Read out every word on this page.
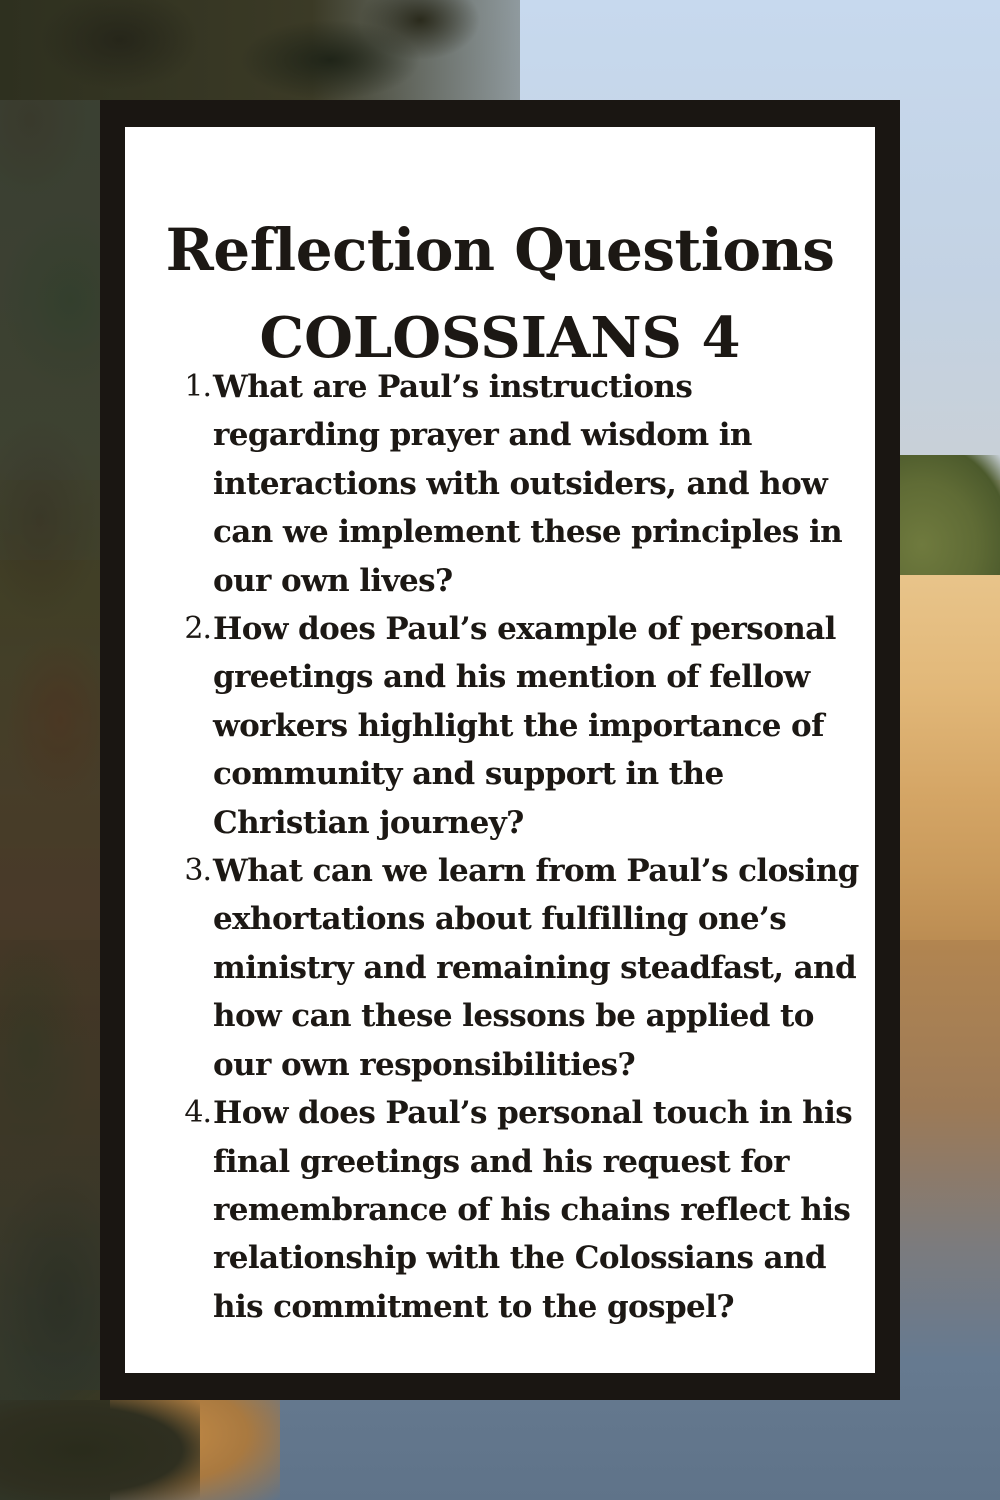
Reflection Questions
COLOSSIANS 4
1. What are Paul’s instructions regarding prayer and wisdom in interactions with outsiders, and how can we implement these principles in our own lives?
2. How does Paul’s example of personal greetings and his mention of fellow workers highlight the importance of community and support in the Christian journey?
3. What can we learn from Paul’s closing exhortations about fulfilling one’s ministry and remaining steadfast, and how can these lessons be applied to our own responsibilities?
4. How does Paul’s personal touch in his final greetings and his request for remembrance of his chains reflect his relationship with the Colossians and his commitment to the gospel?
